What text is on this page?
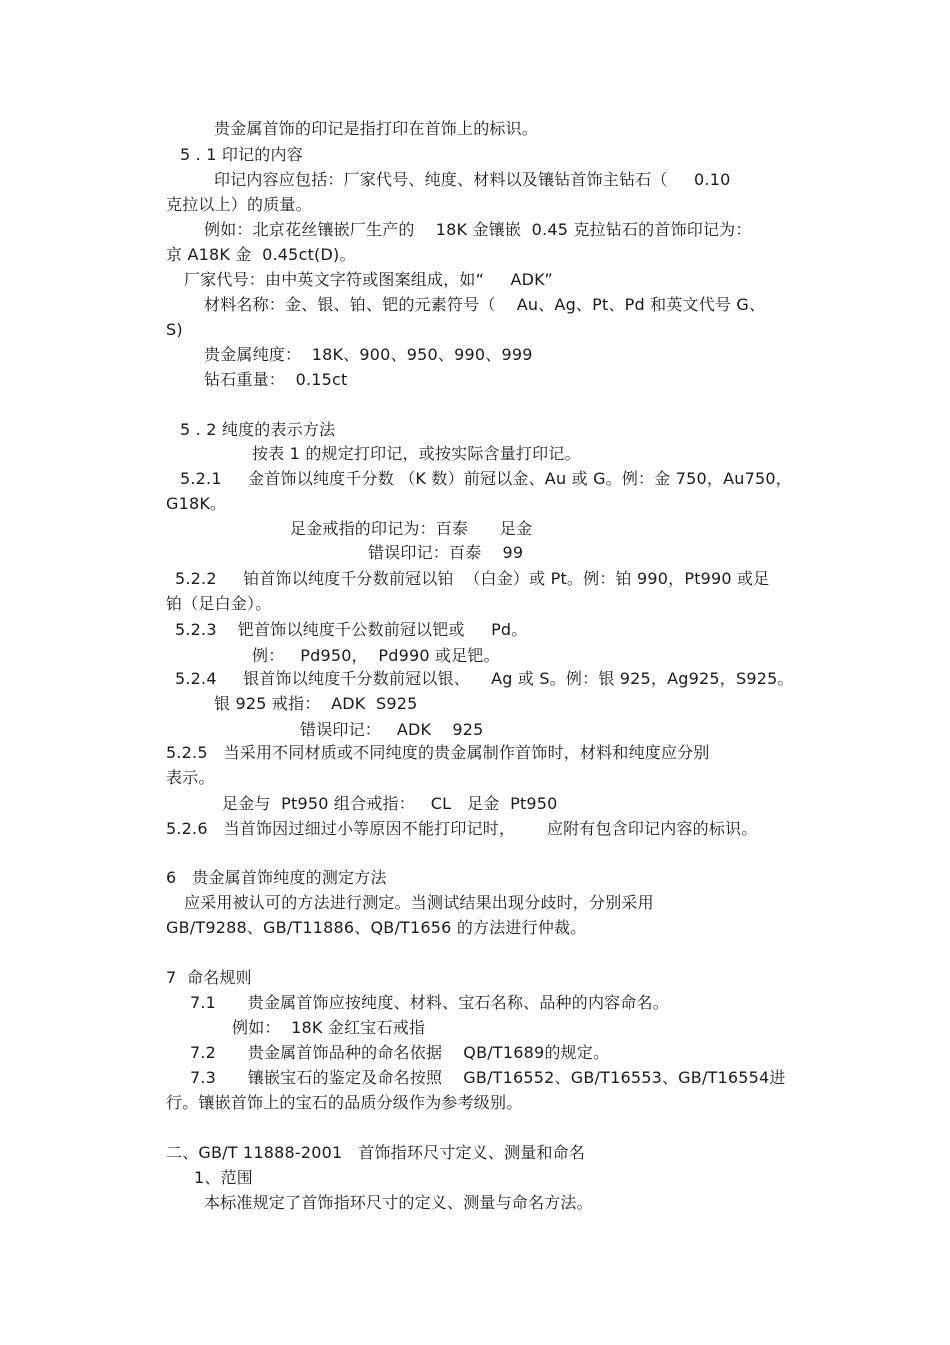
贵金属首饰的印记是指打印在首饰上的标识。
5 . 1 印记的内容
印记内容应包括：厂家代号、纯度、材料以及镶钻首饰主钻石（     0.10
克拉以上）的质量。
例如：北京花丝镶嵌厂生产的    18K 金镶嵌  0.45 克拉钻石的首饰印记为：
京 A18K 金  0.45ct(D)。
厂家代号：由中英文字符或图案组成，如“     ADK”
材料名称：金、银、铂、钯的元素符号（    Au、Ag、Pt、Pd 和英文代号 G、
S)
贵金属纯度：  18K、900、950、990、999
钻石重量：  0.15ct
5 . 2 纯度的表示方法
按表 1 的规定打印记，或按实际含量打印记。
5.2.1     金首饰以纯度千分数 （K 数）前冠以金、Au 或 G。例：金 750，Au750，
G18K。
足金戒指的印记为：百泰      足金
错误印记：百泰    99
5.2.2     铂首饰以纯度千分数前冠以铂  （白金）或 Pt。例：铂 990，Pt990 或足
铂（足白金）。
5.2.3    钯首饰以纯度千公数前冠以钯或     Pd。
例：   Pd950，  Pd990 或足钯。
5.2.4     银首饰以纯度千分数前冠以银、    Ag 或 S。例：银 925，Ag925，S925。
银 925 戒指：  ADK  S925
错误印记：   ADK    925
5.2.5   当采用不同材质或不同纯度的贵金属制作首饰时，材料和纯度应分别
表示。
足金与  Pt950 组合戒指：   CL   足金  Pt950
5.2.6   当首饰因过细过小等原因不能打印记时，      应附有包含印记内容的标识。
6   贵金属首饰纯度的测定方法
应采用被认可的方法进行测定。当测试结果出现分歧时，分别采用
GB/T9288、GB/T11886、QB/T1656 的方法进行仲裁。
7  命名规则
7.1      贵金属首饰应按纯度、材料、宝石名称、品种的内容命名。
例如：  18K 金红宝石戒指
7.2      贵金属首饰品种的命名依据    QB/T1689的规定。
7.3      镶嵌宝石的鉴定及命名按照    GB/T16552、GB/T16553、GB/T16554进
行。镶嵌首饰上的宝石的品质分级作为参考级别。
二、GB/T 11888-2001   首饰指环尺寸定义、测量和命名
1、范围
本标准规定了首饰指环尺寸的定义、测量与命名方法。
